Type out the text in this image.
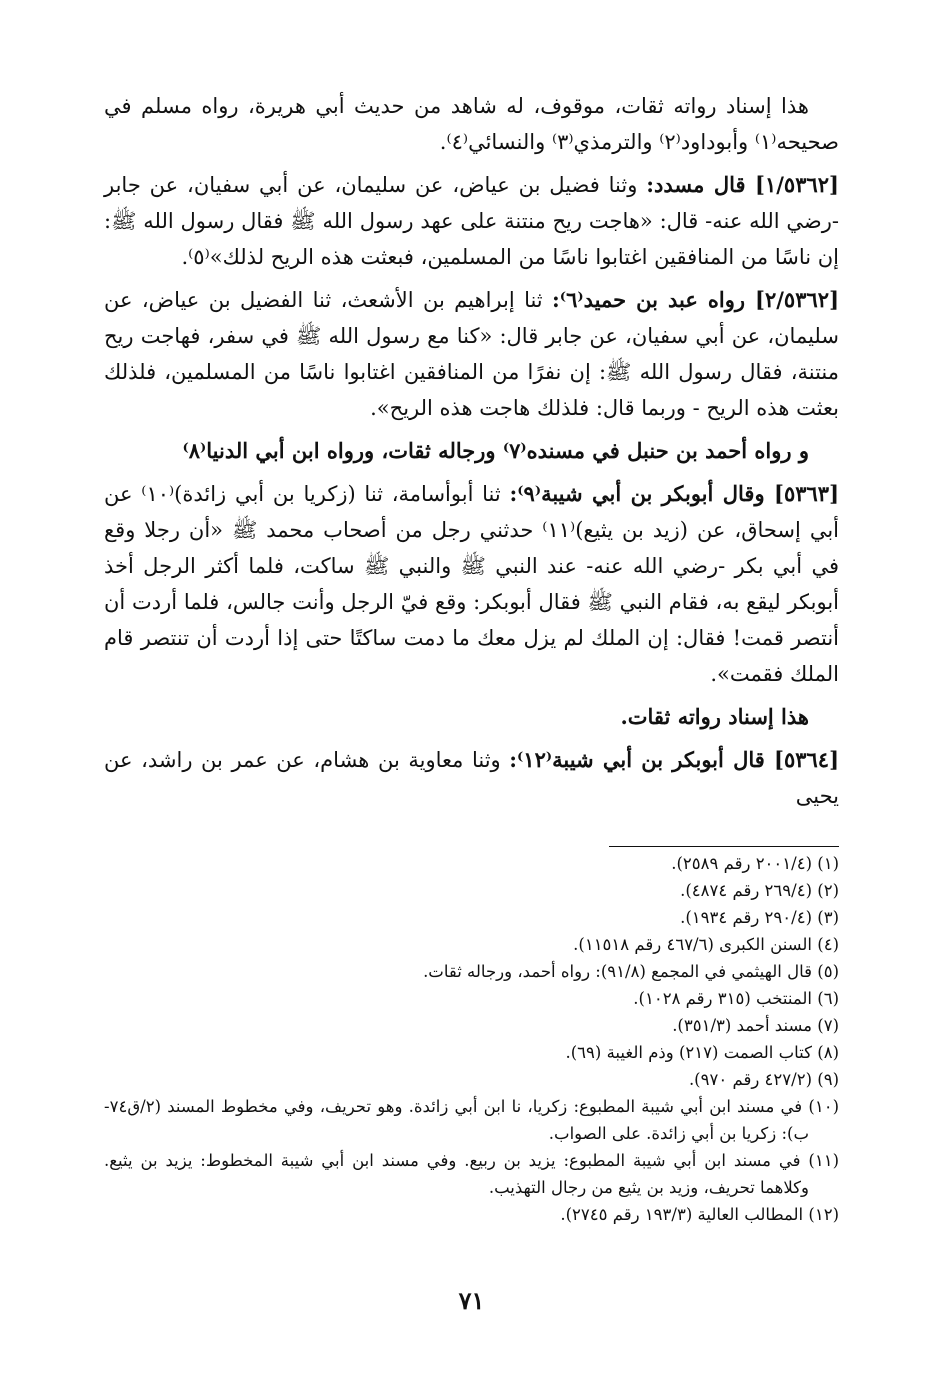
هذا إسناد رواته ثقات، موقوف، له شاهد من حديث أبي هريرة، رواه مسلم في صحيحه⁽١⁾ وأبوداود⁽٢⁾ والترمذي⁽٣⁾ والنسائي⁽٤⁾.

[١/٥٣٦٢] قال مسدد: وثنا فضيل بن عياض، عن سليمان، عن أبي سفيان، عن جابر -رضي الله عنه- قال: «هاجت ريح منتنة على عهد رسول الله ﷺ فقال رسول الله ﷺ: إن ناسًا من المنافقين اغتابوا ناسًا من المسلمين، فبعثت هذه الريح لذلك»⁽٥⁾.

[٢/٥٣٦٢] رواه عبد بن حميد⁽٦⁾: ثنا إبراهيم بن الأشعث، ثنا الفضيل بن عياض، عن سليمان، عن أبي سفيان، عن جابر قال: «كنا مع رسول الله ﷺ في سفر، فهاجت ريح منتنة، فقال رسول الله ﷺ: إن نفرًا من المنافقين اغتابوا ناسًا من المسلمين، فلذلك بعثت هذه الريح - وربما قال: فلذلك هاجت هذه الريح».

و رواه أحمد بن حنبل في مسنده⁽٧⁾ ورجاله ثقات، ورواه ابن أبي الدنيا⁽٨⁾

[٥٣٦٣] وقال أبوبكر بن أبي شيبة⁽٩⁾: ثنا أبوأسامة، ثنا (زكريا بن أبي زائدة)⁽١٠⁾ عن أبي إسحاق، عن (زيد بن يثيع)⁽١١⁾ حدثني رجل من أصحاب محمد ﷺ «أن رجلا وقع في أبي بكر -رضي الله عنه- عند النبي ﷺ والنبي ﷺ ساكت، فلما أكثر الرجل أخذ أبوبكر ليقع به، فقام النبي ﷺ فقال أبوبكر: وقع فيّ الرجل وأنت جالس، فلما أردت أن أنتصر قمت! فقال: إن الملك لم يزل معك ما دمت ساكتًا حتى إذا أردت أن تنتصر قام الملك فقمت».

هذا إسناد رواته ثقات.

[٥٣٦٤] قال أبوبكر بن أبي شيبة⁽١٢⁾: وثنا معاوية بن هشام، عن عمر بن راشد، عن يحيى

(١) (٢٠٠١/٤ رقم ٢٥٨٩).

(٢) (٢٦٩/٤ رقم ٤٨٧٤).

(٣) (٢٩٠/٤ رقم ١٩٣٤).

(٤) السنن الكبرى (٤٦٧/٦ رقم ١١٥١٨).

(٥) قال الهيثمي في المجمع (٩١/٨): رواه أحمد، ورجاله ثقات.

(٦) المنتخب (٣١٥ رقم ١٠٢٨).

(٧) مسند أحمد (٣٥١/٣).

(٨) كتاب الصمت (٢١٧) وذم الغيبة (٦٩).

(٩) (٤٢٧/٢ رقم ٩٧٠).

(١٠) في مسند ابن أبي شيبة المطبوع: زكريا، نا ابن أبي زائدة. وهو تحريف، وفي مخطوط المسند (٢/ق٧٤-ب): زكريا بن أبي زائدة. على الصواب.

(١١) في مسند ابن أبي شيبة المطبوع: يزيد بن ربيع. وفي مسند ابن أبي شيبة المخطوط: يزيد بن يثيع. وكلاهما تحريف، وزيد بن يثيع من رجال التهذيب.

(١٢) المطالب العالية (١٩٣/٣ رقم ٢٧٤٥).

٧١
